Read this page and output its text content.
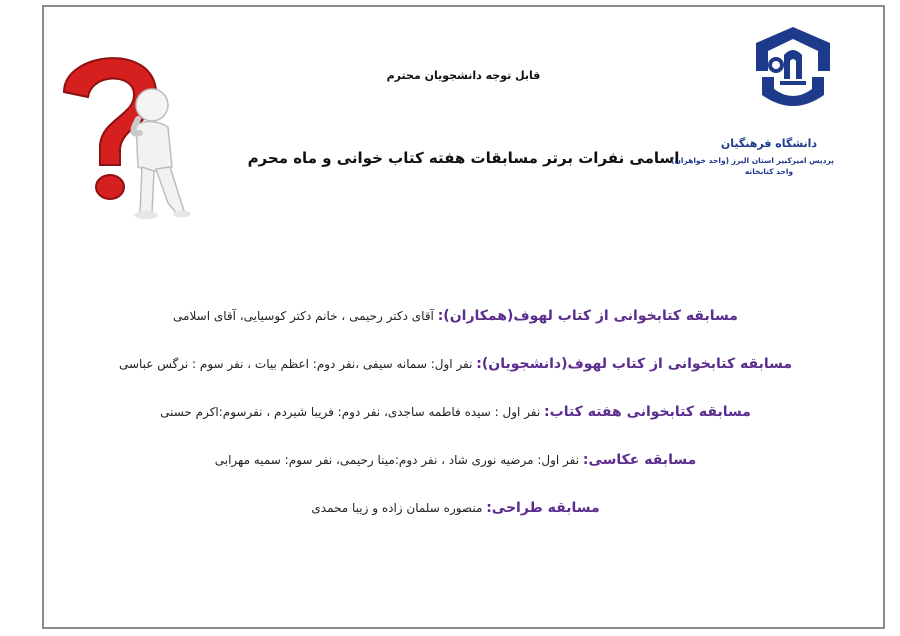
قابل توجه دانشجویان محترم
اسامی نفرات برتر مسابقات هفته کتاب خوانی و ماه محرم
دانشگاه فرهنگیان
پردیس امیرکبیر استان البرز (واحد خواهران)
واحد کتابخانه
مسابقه کتابخوانی از کتاب لهوف(همکاران): آقای دکتر رحیمی ، خانم دکتر کوسیایی، آقای اسلامی
مسابقه کتابخوانی از کتاب لهوف(دانشجویان): نفر اول: سمانه سیفی ،نفر دوم: اعظم بیات ، نفر سوم : نرگس عباسی
مسابقه کتابخوانی هفته کتاب: نفر اول : سیده فاطمه ساجدی، نفر دوم: فریبا شیردم ، نفرسوم:اکرم حسنی
مسابقه عکاسی: نفر اول: مرضیه نوری شاد ، نفر دوم:مینا رحیمی، نفر سوم: سمیه مهرابی
مسابقه طراحی: منصوره سلمان زاده و زیبا محمدی
